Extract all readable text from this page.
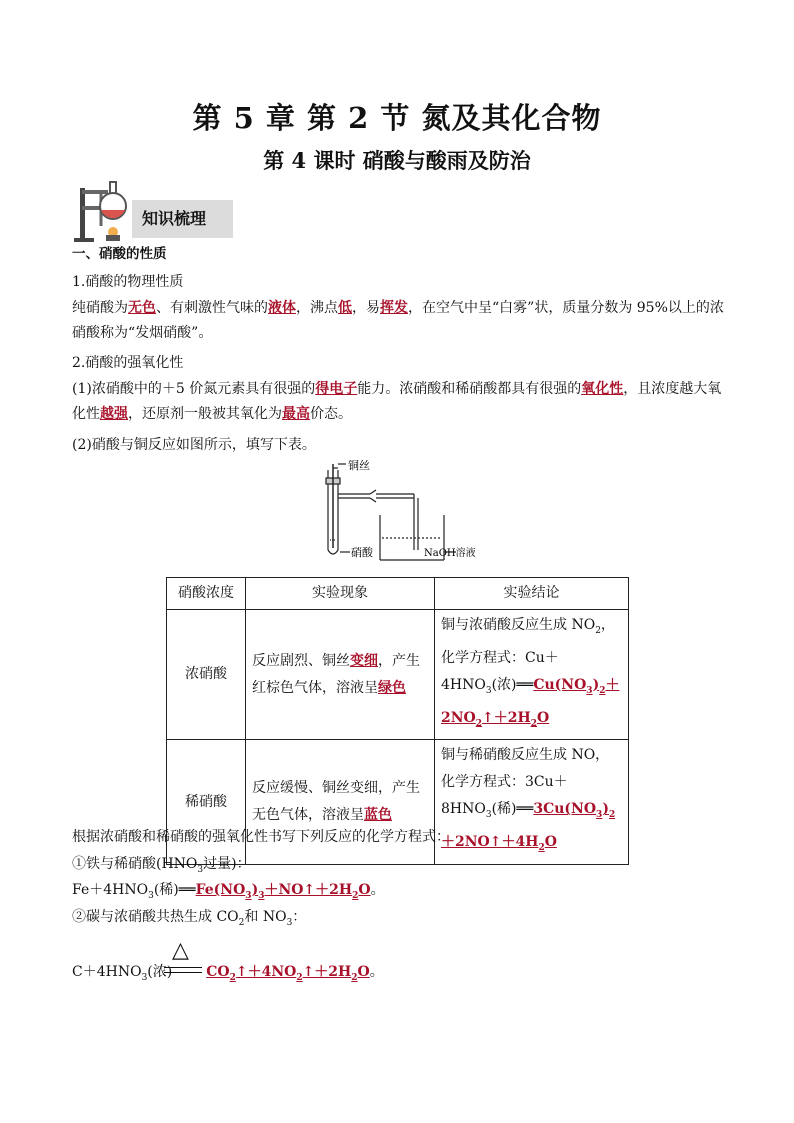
第 5 章 第 2 节 氮及其化合物
第 4 课时 硝酸与酸雨及防治
知识梳理
一、硝酸的性质
1.硝酸的物理性质
纯硝酸为无色、有刺激性气味的液体，沸点低，易挥发，在空气中呈“白雾”状，质量分数为 95%以上的浓
硝酸称为“发烟硝酸”。
2.硝酸的强氧化性
(1)浓硝酸中的＋5 价氮元素具有很强的得电子能力。浓硝酸和稀硝酸都具有很强的氧化性，且浓度越大氧
化性越强，还原剂一般被其氧化为最高价态。
(2)硝酸与铜反应如图所示，填写下表。
铜丝
硝酸	NaOH溶液
硝酸浓度	实验现象	实验结论
浓硝酸	反应剧烈、铜丝变细，产生红棕色气体，溶液呈绿色	铜与浓硝酸反应生成 $NO_2$，化学方程式：$Cu+4HNO_3$(浓)$══Cu(NO_3)_2+2NO_2↑+2H_2O$
稀硝酸	反应缓慢、铜丝变细，产生无色气体，溶液呈蓝色	铜与稀硝酸反应生成 NO，化学方程式：$3Cu+8HNO_3$(稀)$══3Cu(NO_3)_2+2NO↑+4H_2O$
根据浓硝酸和稀硝酸的强氧化性书写下列反应的化学方程式：
①铁与稀硝酸($HNO_3$过量)：
$Fe+4HNO_3$(稀)$══Fe(NO_3)_3+NO↑+2H_2O$。
②碳与浓硝酸共热生成 $CO_2$和 $NO_3$：
△
$C+4HNO_3$(浓) $CO_2↑+4NO_2↑+2H_2O$。
